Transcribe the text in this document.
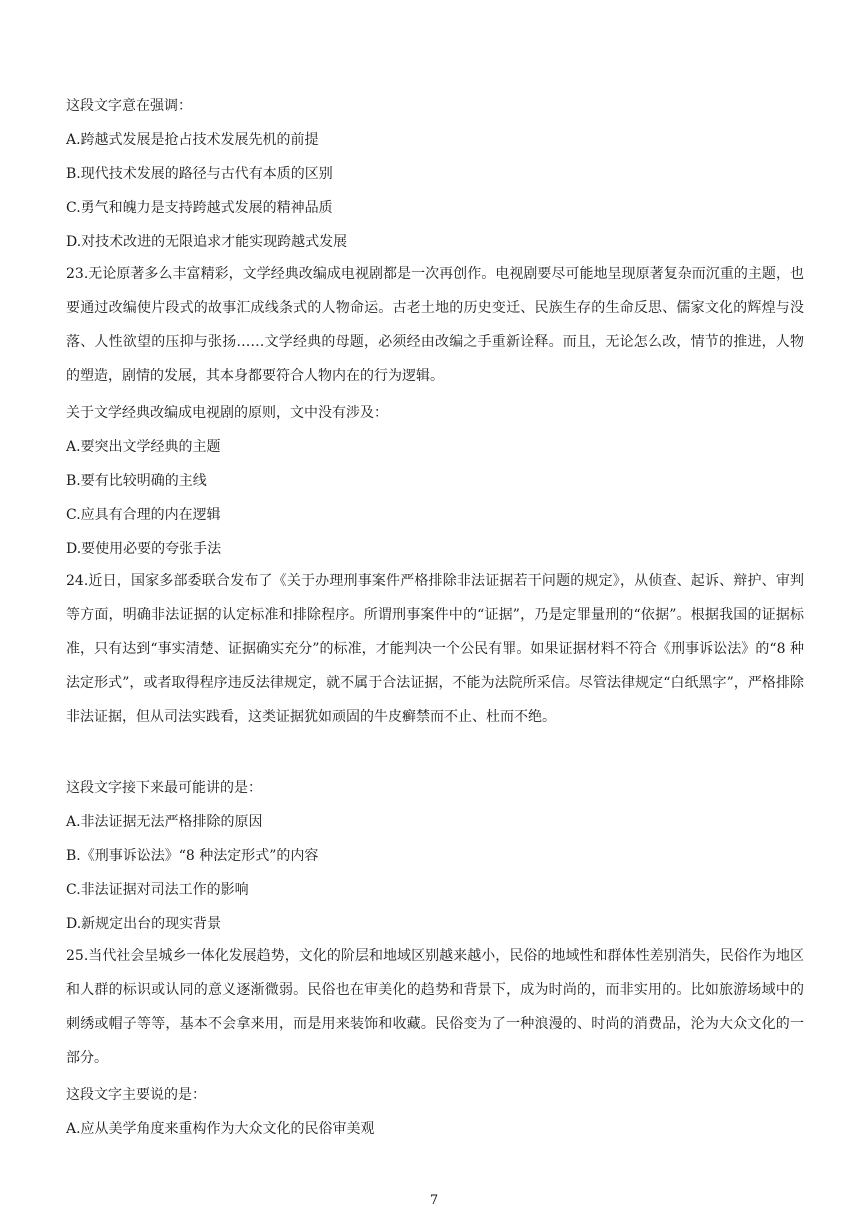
这段文字意在强调：
A.跨越式发展是抢占技术发展先机的前提
B.现代技术发展的路径与古代有本质的区别
C.勇气和魄力是支持跨越式发展的精神品质
D.对技术改进的无限追求才能实现跨越式发展
23.无论原著多么丰富精彩，文学经典改编成电视剧都是一次再创作。电视剧要尽可能地呈现原著复杂而沉重的主题，也要通过改编使片段式的故事汇成线条式的人物命运。古老土地的历史变迁、民族生存的生命反思、儒家文化的辉煌与没落、人性欲望的压抑与张扬……文学经典的母题，必须经由改编之手重新诠释。而且，无论怎么改，情节的推进，人物的塑造，剧情的发展，其本身都要符合人物内在的行为逻辑。
关于文学经典改编成电视剧的原则，文中没有涉及：
A.要突出文学经典的主题
B.要有比较明确的主线
C.应具有合理的内在逻辑
D.要使用必要的夸张手法
24.近日，国家多部委联合发布了《关于办理刑事案件严格排除非法证据若干问题的规定》，从侦查、起诉、辩护、审判等方面，明确非法证据的认定标准和排除程序。所谓刑事案件中的“证据”，乃是定罪量刑的“依据”。根据我国的证据标准，只有达到“事实清楚、证据确实充分”的标准，才能判决一个公民有罪。如果证据材料不符合《刑事诉讼法》的“8 种法定形式”，或者取得程序违反法律规定，就不属于合法证据，不能为法院所采信。尽管法律规定“白纸黑字”，严格排除非法证据，但从司法实践看，这类证据犹如顽固的牛皮癣禁而不止、杜而不绝。
这段文字接下来最可能讲的是：
A.非法证据无法严格排除的原因
B.《刑事诉讼法》“8 种法定形式”的内容
C.非法证据对司法工作的影响
D.新规定出台的现实背景
25.当代社会呈城乡一体化发展趋势，文化的阶层和地域区别越来越小，民俗的地域性和群体性差别消失，民俗作为地区和人群的标识或认同的意义逐渐微弱。民俗也在审美化的趋势和背景下，成为时尚的，而非实用的。比如旅游场域中的刺绣或帽子等等，基本不会拿来用，而是用来装饰和收藏。民俗变为了一种浪漫的、时尚的消费品，沦为大众文化的一部分。
这段文字主要说的是：
A.应从美学角度来重构作为大众文化的民俗审美观
7
